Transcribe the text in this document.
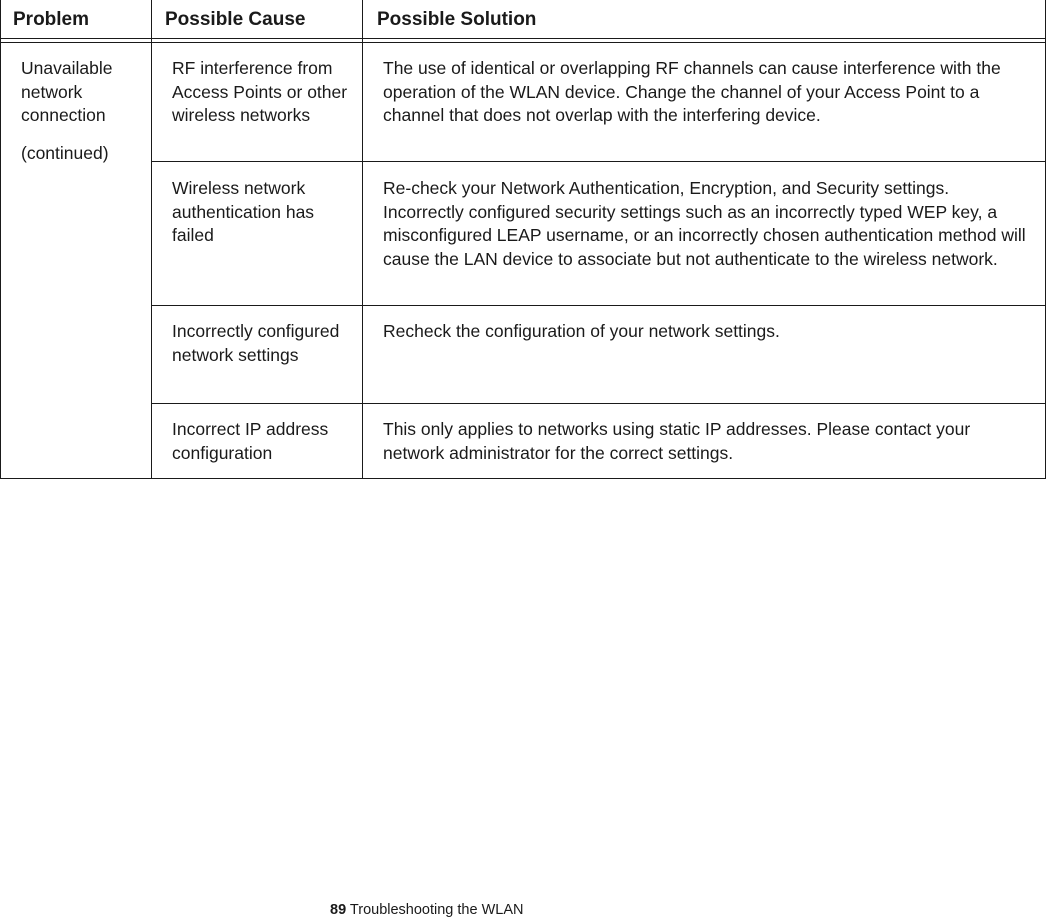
Problem	Possible Cause	Possible Solution
Unavailable network connection
(continued)
RF interference from Access Points or other wireless networks
The use of identical or overlapping RF channels can cause interference with the operation of the WLAN device. Change the channel of your Access Point to a channel that does not overlap with the interfering device.
Wireless network authentication has failed
Re-check your Network Authentication, Encryption, and Security settings. Incorrectly configured security settings such as an incorrectly typed WEP key, a misconfigured LEAP username, or an incorrectly chosen authentication method will cause the LAN device to associate but not authenticate to the wireless network.
Incorrectly configured network settings
Recheck the configuration of your network settings.
Incorrect IP address configuration
This only applies to networks using static IP addresses. Please contact your network administrator for the correct settings.
89 Troubleshooting the WLAN
